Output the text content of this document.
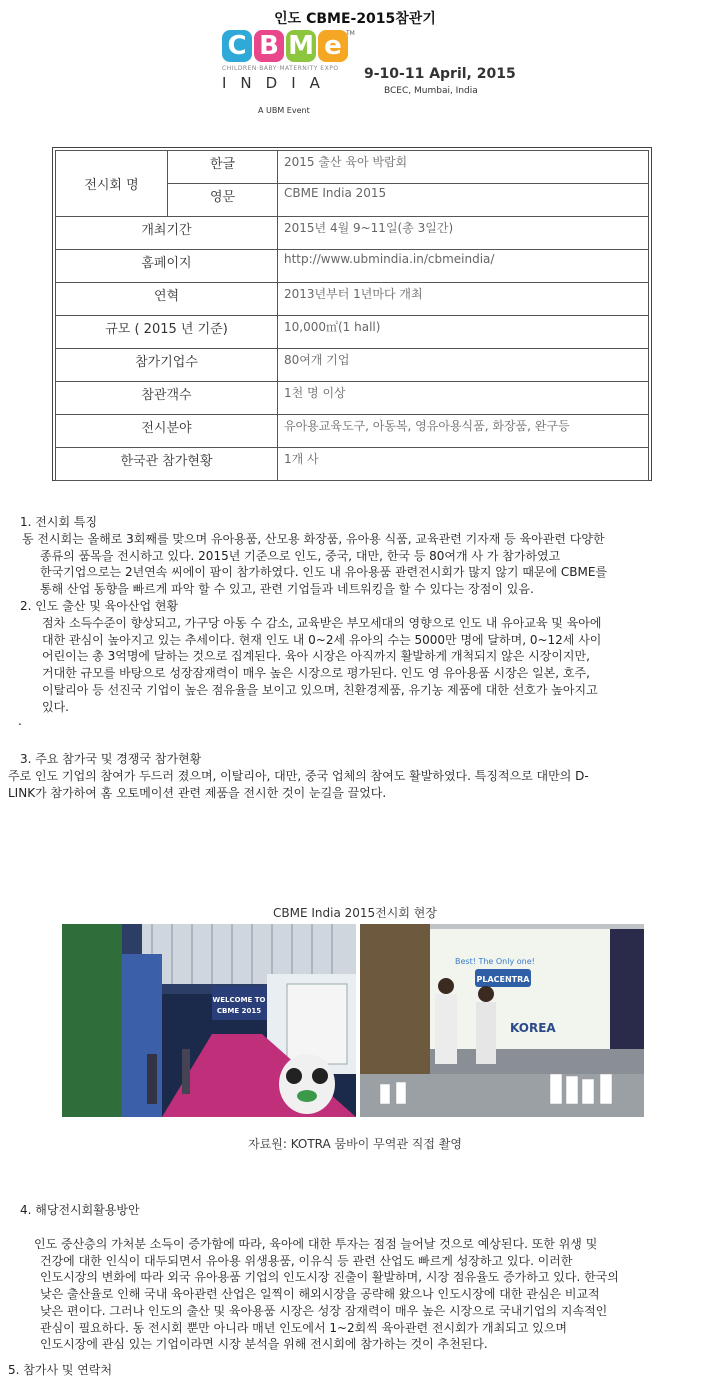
인도 CBME-2015참관기
C B M e TM
CHILDREN·BABY·MATERNITY EXPO
INDIA
A UBM Event
9-10-11 April, 2015
BCEC, Mumbai, India
전시회 명	한글	2015 출산 육아 박람회
	영문	CBME India 2015
개최기간		2015년 4월 9~11일(총 3일간)
홈페이지		http://www.ubmindia.in/cbmeindia/
연혁		2013년부터 1년마다 개최
규모 ( 2015 년 기준)		10,000㎡(1 hall)
참가기업수		80여개 기업
참관객수		1천 명 이상
전시분야		유아용교육도구, 아동복, 영유아용식품, 화장품, 완구등
한국관 참가현황		1개 사
1. 전시회 특징
동 전시회는 올해로 3회째를 맞으며 유아용품, 산모용 화장품, 유아용 식품, 교육관련 기자재 등 육아관련 다양한
종류의 품목을 전시하고 있다. 2015년 기준으로 인도, 중국, 대만, 한국 등 80여개 사 가 참가하였고
한국기업으로는 2년연속 씨에이 팜이 참가하였다. 인도 내 유아용품 관련전시회가 많지 않기 때문에 CBME를
통해 산업 동향을 빠르게 파악 할 수 있고, 관련 기업들과 네트워킹을 할 수 있다는 장점이 있음.
2. 인도 출산 및 육아산업 현황
점차 소득수준이 향상되고, 가구당 아동 수 감소, 교육받은 부모세대의 영향으로 인도 내 유아교육 및 육아에
대한 관심이 높아지고 있는 추세이다. 현재 인도 내 0~2세 유아의 수는 5000만 명에 달하며, 0~12세 사이
어린이는 총 3억명에 달하는 것으로 집계된다. 육아 시장은 아직까지 활발하게 개척되지 않은 시장이지만,
거대한 규모를 바탕으로 성장잠재력이 매우 높은 시장으로 평가된다. 인도 영 유아용품 시장은 일본, 호주,
이탈리아 등 선진국 기업이 높은 점유율을 보이고 있으며, 친환경제품, 유기농 제품에 대한 선호가 높아지고
있다.
.
3. 주요 참가국 및 경쟁국 참가현황
주로 인도 기업의 참여가 두드러 졌으며, 이탈리아, 대만, 중국 업체의 참여도 활발하였다. 특징적으로 대만의 D-
LINK가 참가하여 홈 오토메이션 관련 제품을 전시한 것이 눈길을 끌었다.
CBME India 2015전시회 현장
WELCOME TO
CBME 2015
Best! The Only one!
PLACENTRA
KOREA
자료원: KOTRA 뭄바이 무역관 직접 촬영
4. 해당전시회활용방안
인도 중산층의 가처분 소득이 증가함에 따라, 육아에 대한 투자는 점점 늘어날 것으로 예상된다. 또한 위생 및
건강에 대한 인식이 대두되면서 유아용 위생용품, 이유식 등 관련 산업도 빠르게 성장하고 있다. 이러한
인도시장의 변화에 따라 외국 유아용품 기업의 인도시장 진출이 활발하며, 시장 점유율도 증가하고 있다. 한국의
낮은 출산율로 인해 국내 육아관련 산업은 일찍이 해외시장을 공략해 왔으나 인도시장에 대한 관심은 비교적
낮은 편이다. 그러나 인도의 출산 및 육아용품 시장은 성장 잠재력이 매우 높은 시장으로 국내기업의 지속적인
관심이 필요하다. 동 전시회 뿐만 아니라 매년 인도에서 1~2회씩 육아관련 전시회가 개최되고 있으며
인도시장에 관심 있는 기업이라면 시장 분석을 위해 전시회에 참가하는 것이 추천된다.
5. 참가사 및 연락처
